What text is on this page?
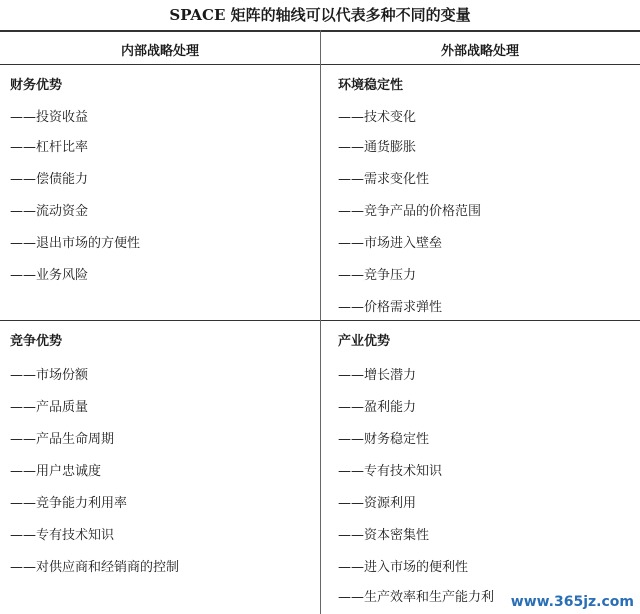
SPACE 矩阵的轴线可以代表多种不同的变量
内部战略处理	外部战略处理
财务优势
——投资收益
——杠杆比率
——偿债能力
——流动资金
——退出市场的方便性
——业务风险
环境稳定性
——技术变化
——通货膨胀
——需求变化性
——竞争产品的价格范围
——市场进入壁垒
——竞争压力
——价格需求弹性
竞争优势
——市场份额
——产品质量
——产品生命周期
——用户忠诚度
——竞争能力利用率
——专有技术知识
——对供应商和经销商的控制
产业优势
——增长潜力
——盈利能力
——财务稳定性
——专有技术知识
——资源利用
——资本密集性
——进入市场的便利性
——生产效率和生产能力利 www.365jz.com
